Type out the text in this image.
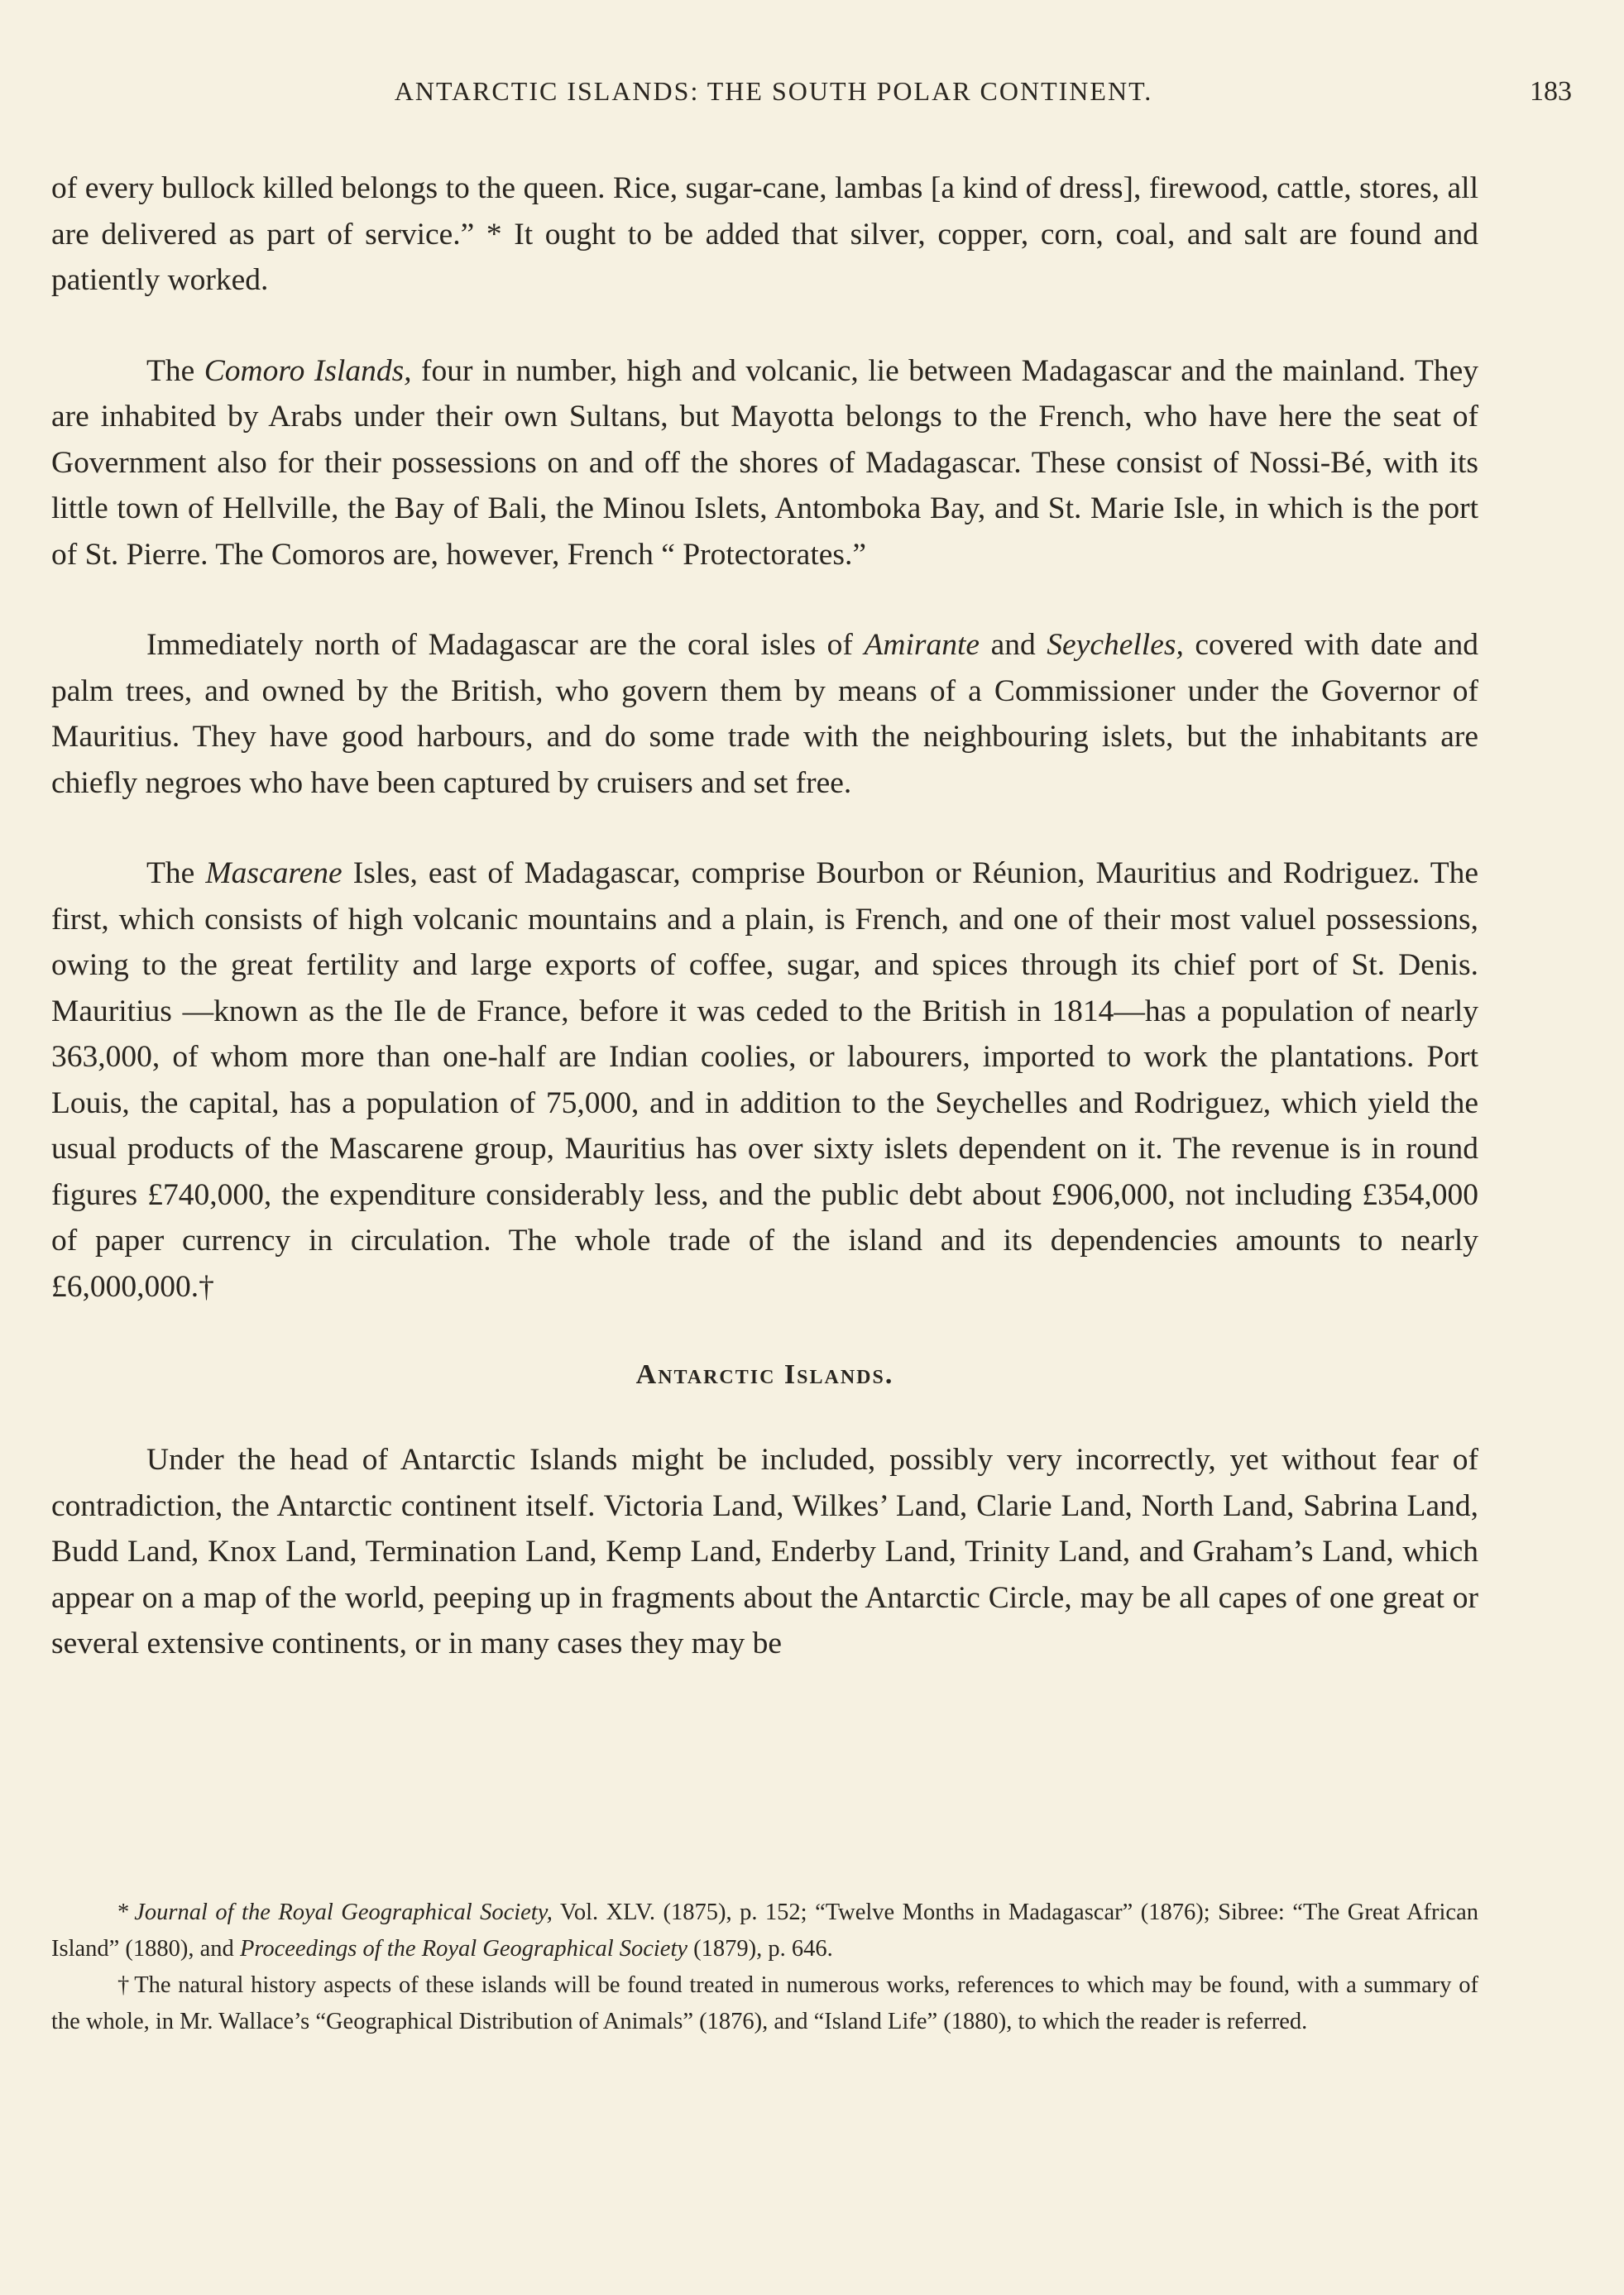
ANTARCTIC ISLANDS: THE SOUTH POLAR CONTINENT.	183

of every bullock killed belongs to the queen. Rice, sugar-cane, lambas [a kind of dress], firewood, cattle, stores, all are delivered as part of service.” * It ought to be added that silver, copper, corn, coal, and salt are found and patiently worked.

The Comoro Islands, four in number, high and volcanic, lie between Madagascar and the mainland. They are inhabited by Arabs under their own Sultans, but Mayotta belongs to the French, who have here the seat of Government also for their possessions on and off the shores of Madagascar. These consist of Nossi-Bé, with its little town of Hellville, the Bay of Bali, the Minou Islets, Antomboka Bay, and St. Marie Isle, in which is the port of St. Pierre. The Comoros are, however, French “ Protectorates.”

Immediately north of Madagascar are the coral isles of Amirante and Seychelles, covered with date and palm trees, and owned by the British, who govern them by means of a Commissioner under the Governor of Mauritius. They have good harbours, and do some trade with the neighbouring islets, but the inhabitants are chiefly negroes who have been captured by cruisers and set free.

The Mascarene Isles, east of Madagascar, comprise Bourbon or Réunion, Mauritius and Rodriguez. The first, which consists of high volcanic mountains and a plain, is French, and one of their most valuel possessions, owing to the great fertility and large exports of coffee, sugar, and spices through its chief port of St. Denis. Mauritius —known as the Ile de France, before it was ceded to the British in 1814—has a population of nearly 363,000, of whom more than one-half are Indian coolies, or labourers, imported to work the plantations. Port Louis, the capital, has a population of 75,000, and in addition to the Seychelles and Rodriguez, which yield the usual products of the Mascarene group, Mauritius has over sixty islets dependent on it. The revenue is in round figures £740,000, the expenditure considerably less, and the public debt about £906,000, not including £354,000 of paper currency in circulation. The whole trade of the island and its dependencies amounts to nearly £6,000,000.†

Antarctic Islands.

Under the head of Antarctic Islands might be included, possibly very incorrectly, yet without fear of contradiction, the Antarctic continent itself. Victoria Land, Wilkes’ Land, Clarie Land, North Land, Sabrina Land, Budd Land, Knox Land, Termination Land, Kemp Land, Enderby Land, Trinity Land, and Graham’s Land, which appear on a map of the world, peeping up in fragments about the Antarctic Circle, may be all capes of one great or several extensive continents, or in many cases they may be

* Journal of the Royal Geographical Society, Vol. XLV. (1875), p. 152; “Twelve Months in Madagascar” (1876); Sibree: “The Great African Island” (1880), and Proceedings of the Royal Geographical Society (1879), p. 646.

† The natural history aspects of these islands will be found treated in numerous works, references to which may be found, with a summary of the whole, in Mr. Wallace’s “Geographical Distribution of Animals” (1876), and “Island Life” (1880), to which the reader is referred.
